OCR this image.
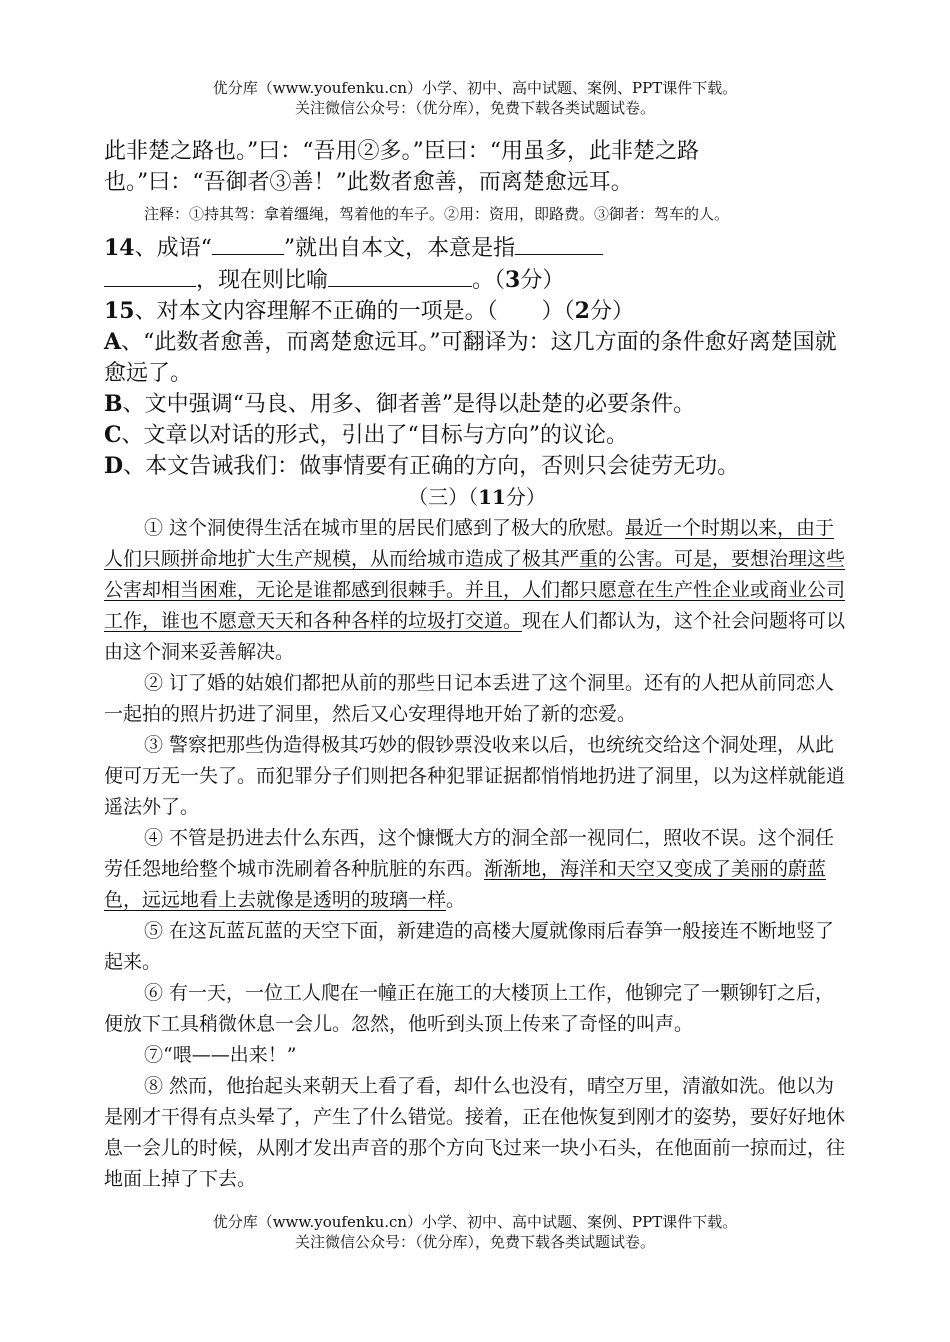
优分库（www.youfenku.cn）小学、初中、高中试题、案例、PPT课件下载。
关注微信公众号：（优分库），免费下载各类试题试卷。

此非楚之路也。”曰：“吾用②多。”臣曰：“用虽多，此非楚之路

也。”曰：“吾御者③善！”此数者愈善，而离楚愈远耳。

注释：①持其驾：拿着缰绳，驾着他的车子。②用：资用，即路费。③御者：驾车的人。

14、成语“	”就出自本文，本意是指
，现在则比喻	。（3分）

15、对本文内容理解不正确的一项是。（　　）（2分）

A、“此数者愈善，而离楚愈远耳。”可翻译为：这几方面的条件愈好离楚国就愈远了。

B、文中强调“马良、用多、御者善”是得以赴楚的必要条件。

C、文章以对话的形式，引出了“目标与方向”的议论。

D、本文告诫我们：做事情要有正确的方向，否则只会徒劳无功。

（三）（11分）

① 这个洞使得生活在城市里的居民们感到了极大的欣慰。最近一个时期以来，由于人们只顾拼命地扩大生产规模，从而给城市造成了极其严重的公害。可是，要想治理这些公害却相当困难，无论是谁都感到很棘手。并且，人们都只愿意在生产性企业或商业公司工作，谁也不愿意天天和各种各样的垃圾打交道。现在人们都认为，这个社会问题将可以由这个洞来妥善解决。

② 订了婚的姑娘们都把从前的那些日记本丢进了这个洞里。还有的人把从前同恋人一起拍的照片扔进了洞里，然后又心安理得地开始了新的恋爱。

③ 警察把那些伪造得极其巧妙的假钞票没收来以后，也统统交给这个洞处理，从此便可万无一失了。而犯罪分子们则把各种犯罪证据都悄悄地扔进了洞里，以为这样就能逍遥法外了。

④ 不管是扔进去什么东西，这个慷慨大方的洞全部一视同仁，照收不误。这个洞任劳任怨地给整个城市洗刷着各种肮脏的东西。渐渐地，海洋和天空又变成了美丽的蔚蓝色，远远地看上去就像是透明的玻璃一样。

⑤ 在这瓦蓝瓦蓝的天空下面，新建造的高楼大厦就像雨后春笋一般接连不断地竖了起来。

⑥ 有一天，一位工人爬在一幢正在施工的大楼顶上工作，他铆完了一颗铆钉之后，便放下工具稍微休息一会儿。忽然，他听到头顶上传来了奇怪的叫声。

⑦“喂——出来！”

⑧ 然而，他抬起头来朝天上看了看，却什么也没有，晴空万里，清澈如洗。他以为是刚才干得有点头晕了，产生了什么错觉。接着，正在他恢复到刚才的姿势，要好好地休息一会儿的时候，从刚才发出声音的那个方向飞过来一块小石头，在他面前一掠而过，往地面上掉了下去。

优分库（www.youfenku.cn）小学、初中、高中试题、案例、PPT课件下载。
关注微信公众号：（优分库），免费下载各类试题试卷。
